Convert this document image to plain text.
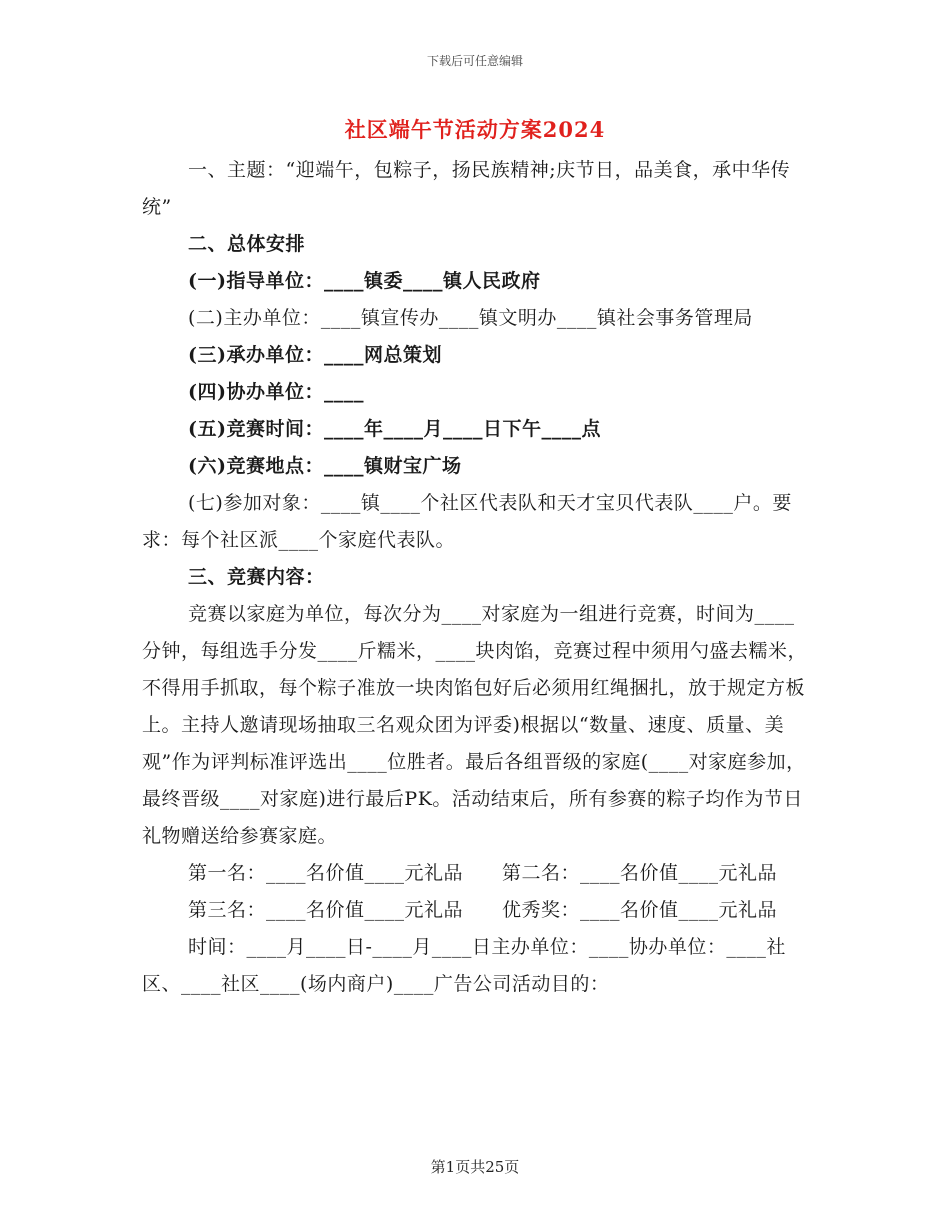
下载后可任意编辑
社区端午节活动方案2024

一、主题：“迎端午，包粽子，扬民族精神;庆节日，品美食，承中华传统”

二、总体安排

(一)指导单位：____镇委____镇人民政府

(二)主办单位：____镇宣传办____镇文明办____镇社会事务管理局

(三)承办单位：____网总策划

(四)协办单位：____

(五)竞赛时间：____年____月____日下午____点

(六)竞赛地点：____镇财宝广场

(七)参加对象：____镇____个社区代表队和天才宝贝代表队____户。要求：每个社区派____个家庭代表队。

三、竞赛内容：

竞赛以家庭为单位，每次分为____对家庭为一组进行竞赛，时间为____分钟，每组选手分发____斤糯米，____块肉馅，竞赛过程中须用勺盛去糯米，不得用手抓取，每个粽子准放一块肉馅包好后必须用红绳捆扎，放于规定方板上。主持人邀请现场抽取三名观众团为评委)根据以“数量、速度、质量、美观”作为评判标准评选出____位胜者。最后各组晋级的家庭(____对家庭参加，最终晋级____对家庭)进行最后PK。活动结束后，所有参赛的粽子均作为节日礼物赠送给参赛家庭。

第一名：____名价值____元礼品　　第二名：____名价值____元礼品

第三名：____名价值____元礼品　　优秀奖：____名价值____元礼品

时间：____月____日-____月____日主办单位：____协办单位：____社区、____社区____(场内商户)____广告公司活动目的：

第1页共25页
